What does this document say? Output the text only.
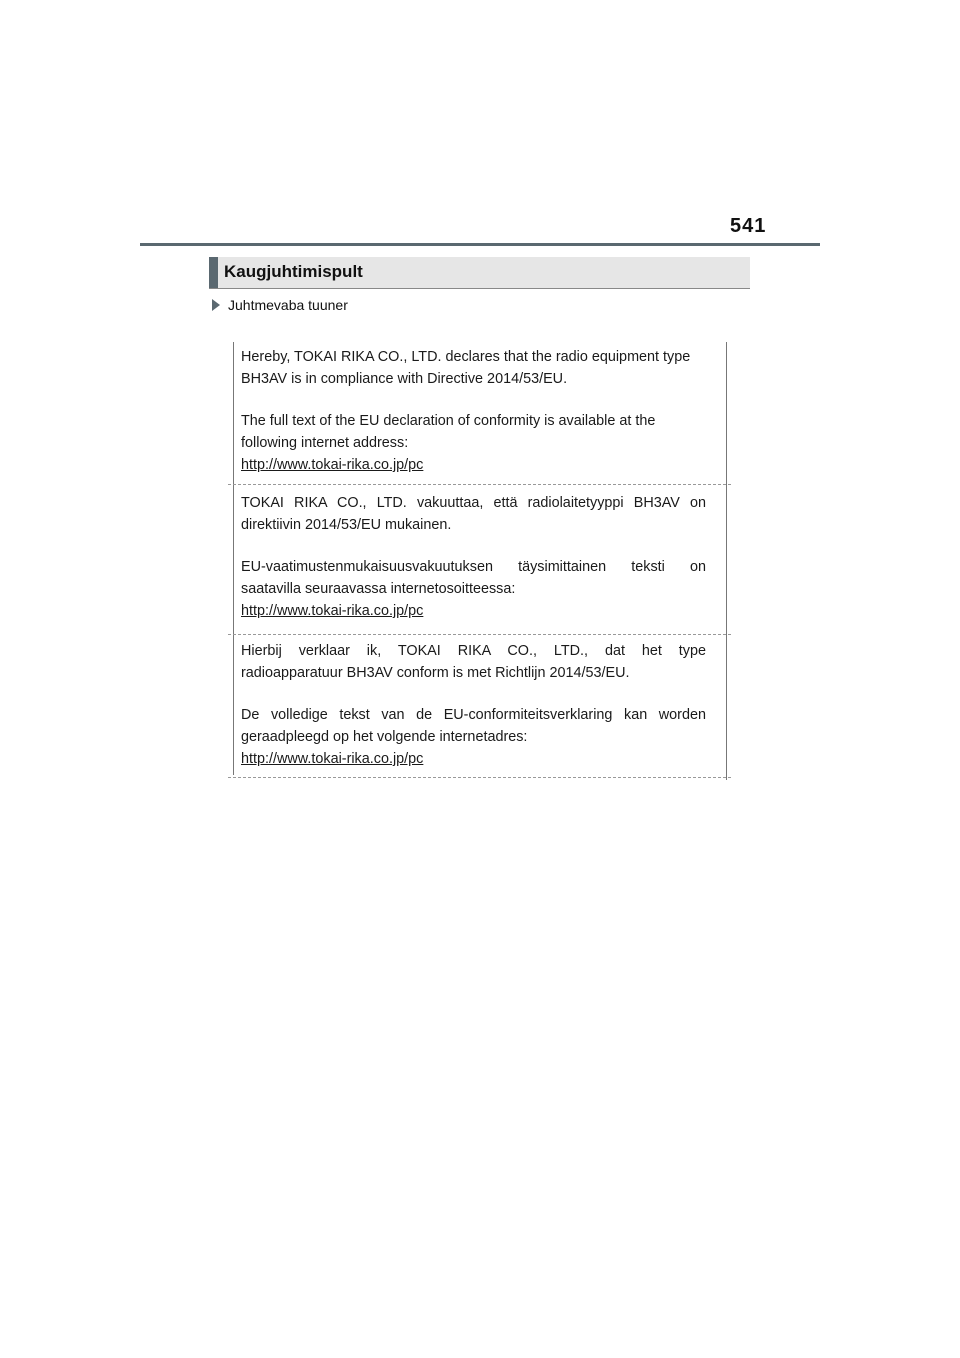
541
Kaugjuhtimispult
Juhtmevaba tuuner

Hereby, TOKAI RIKA CO., LTD. declares that the radio equipment type

BH3AV is in compliance with Directive 2014/53/EU.

The full text of the EU declaration of conformity is available at the

following internet address:

http://www.tokai-rika.co.jp/pc

TOKAI RIKA CO., LTD. vakuuttaa, että radiolaitetyyppi BH3AV on

direktiivin 2014/53/EU mukainen.

EU-vaatimustenmukaisuusvakuutuksen täysimittainen teksti on

saatavilla seuraavassa internetosoitteessa:

http://www.tokai-rika.co.jp/pc

Hierbij verklaar ik, TOKAI RIKA CO., LTD., dat het type

radioapparatuur BH3AV conform is met Richtlijn 2014/53/EU.

De volledige tekst van de EU-conformiteitsverklaring kan worden

geraadpleegd op het volgende internetadres:

http://www.tokai-rika.co.jp/pc
